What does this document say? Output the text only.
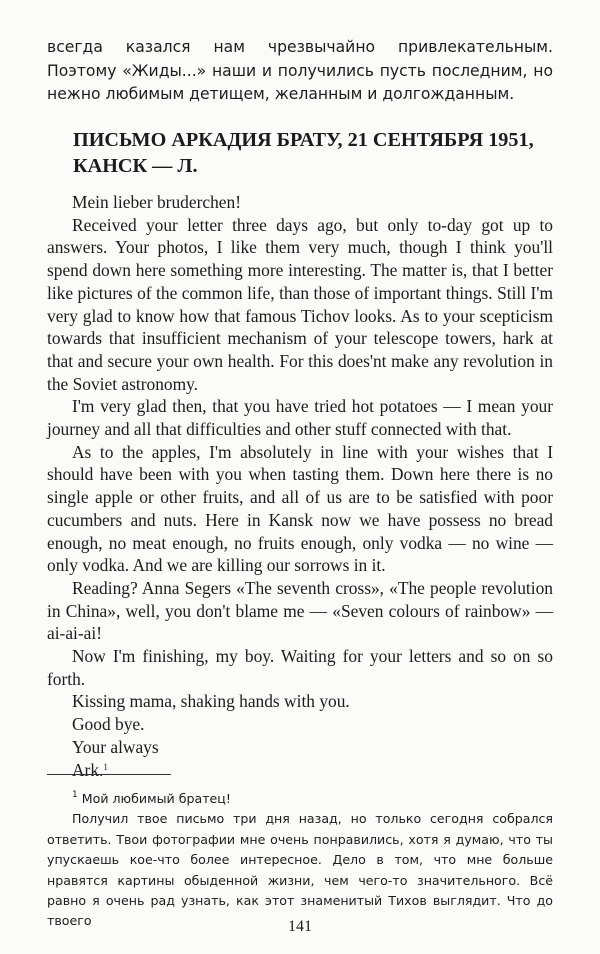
всегда казался нам чрезвычайно привлекательным. Поэтому «Жиды...» наши и получились пусть последним, но нежно любимым детищем, желанным и долгожданным.

ПИСЬМО АРКАДИЯ БРАТУ, 21 СЕНТЯБРЯ 1951, КАНСК — Л.

Mein lieber bruderchen!

Received your letter three days ago, but only to-day got up to answers. Your photos, I like them very much, though I think you'll spend down here something more interesting. The matter is, that I better like pictures of the common life, than those of important things. Still I'm very glad to know how that famous Tichov looks. As to your scepticism towards that insufficient mechanism of your telescope towers, hark at that and secure your own health. For this does'nt make any revolution in the Soviet astronomy.

I'm very glad then, that you have tried hot potatoes — I mean your journey and all that difficulties and other stuff connected with that.

As to the apples, I'm absolutely in line with your wishes that I should have been with you when tasting them. Down here there is no single apple or other fruits, and all of us are to be satisfied with poor cucumbers and nuts. Here in Kansk now we have possess no bread enough, no meat enough, no fruits enough, only vodka — no wine — only vodka. And we are killing our sorrows in it.

Reading? Anna Segers «The seventh cross», «The people revolution in China», well, you don't blame me — «Seven colours of rainbow» — ai-ai-ai!

Now I'm finishing, my boy. Waiting for your letters and so on so forth.

Kissing mama, shaking hands with you.

Good bye.

Your always

Ark.$^1$

$^1$ Мой любимый братец!

Получил твое письмо три дня назад, но только сегодня собрался ответить. Твои фотографии мне очень понравились, хотя я думаю, что ты упускаешь кое-что более интересное. Дело в том, что мне больше нравятся картины обыденной жизни, чем чего-то значительного. Всё равно я очень рад узнать, как этот знаменитый Тихов выглядит. Что до твоего	141
